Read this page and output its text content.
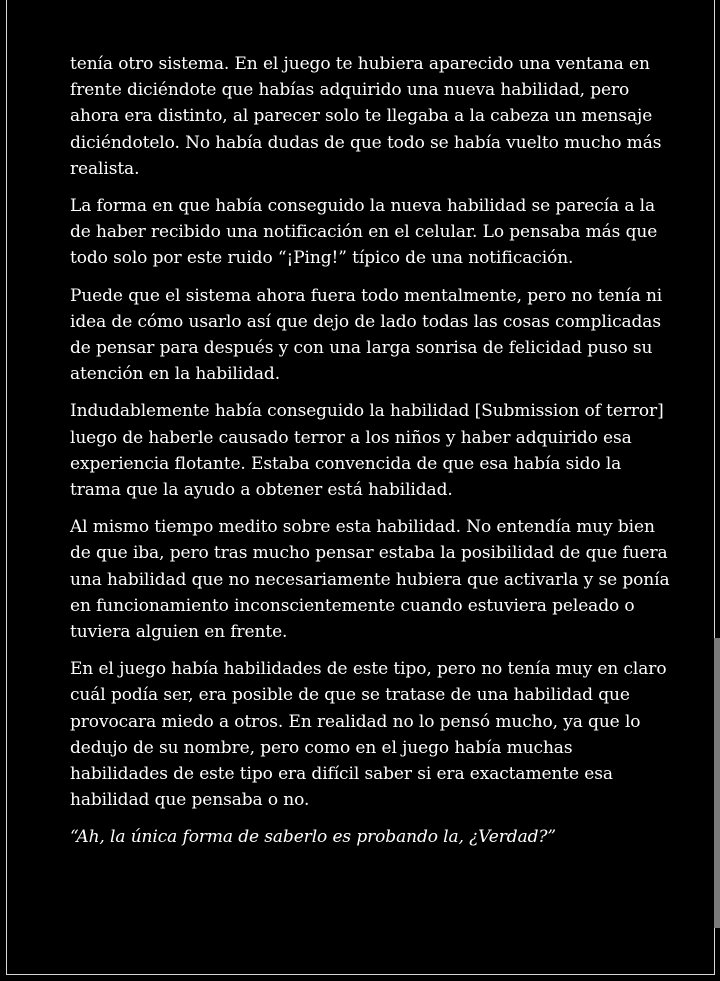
tenía otro sistema. En el juego te hubiera aparecido una ventana en frente diciéndote que habías adquirido una nueva habilidad, pero ahora era distinto, al parecer solo te llegaba a la cabeza un mensaje diciéndotelo. No había dudas de que todo se había vuelto mucho más realista.

La forma en que había conseguido la nueva habilidad se parecía a la de haber recibido una notificación en el celular. Lo pensaba más que todo solo por este ruido “¡Ping!” típico de una notificación.

Puede que el sistema ahora fuera todo mentalmente, pero no tenía ni idea de cómo usarlo así que dejo de lado todas las cosas complicadas de pensar para después y con una larga sonrisa de felicidad puso su atención en la habilidad.

Indudablemente había conseguido la habilidad [Submission of terror] luego de haberle causado terror a los niños y haber adquirido esa experiencia flotante. Estaba convencida de que esa había sido la trama que la ayudo a obtener está habilidad.

Al mismo tiempo medito sobre esta habilidad. No entendía muy bien de que iba, pero tras mucho pensar estaba la posibilidad de que fuera una habilidad que no necesariamente hubiera que activarla y se ponía en funcionamiento inconscientemente cuando estuviera peleado o tuviera alguien en frente.

En el juego había habilidades de este tipo, pero no tenía muy en claro cuál podía ser, era posible de que se tratase de una habilidad que provocara miedo a otros. En realidad no lo pensó mucho, ya que lo dedujo de su nombre, pero como en el juego había muchas habilidades de este tipo era difícil saber si era exactamente esa habilidad que pensaba o no.

“Ah, la única forma de saberlo es probando la, ¿Verdad?”
